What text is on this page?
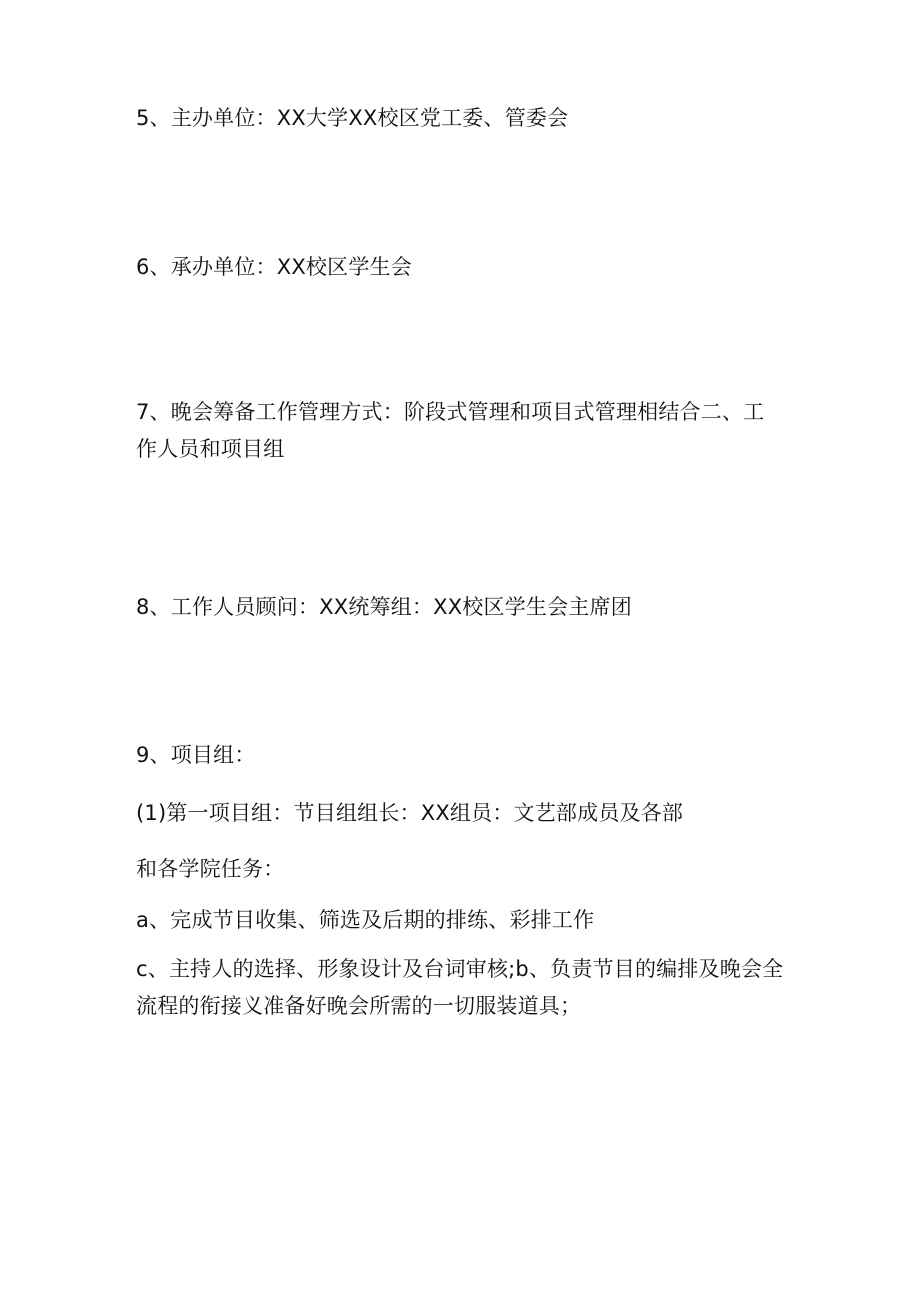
5、主办单位：XX大学XX校区党工委、管委会
6、承办单位：XX校区学生会
7、晚会筹备工作管理方式：阶段式管理和项目式管理相结合二、工作人员和项目组
8、工作人员顾问：XX统筹组：XX校区学生会主席团
9、项目组：
(1)第一项目组：节目组组长：XX组员：文艺部成员及各部
和各学院任务：
a、完成节目收集、筛选及后期的排练、彩排工作
c、主持人的选择、形象设计及台词审核;b、负责节目的编排及晚会全流程的衔接义准备好晚会所需的一切服装道具；
